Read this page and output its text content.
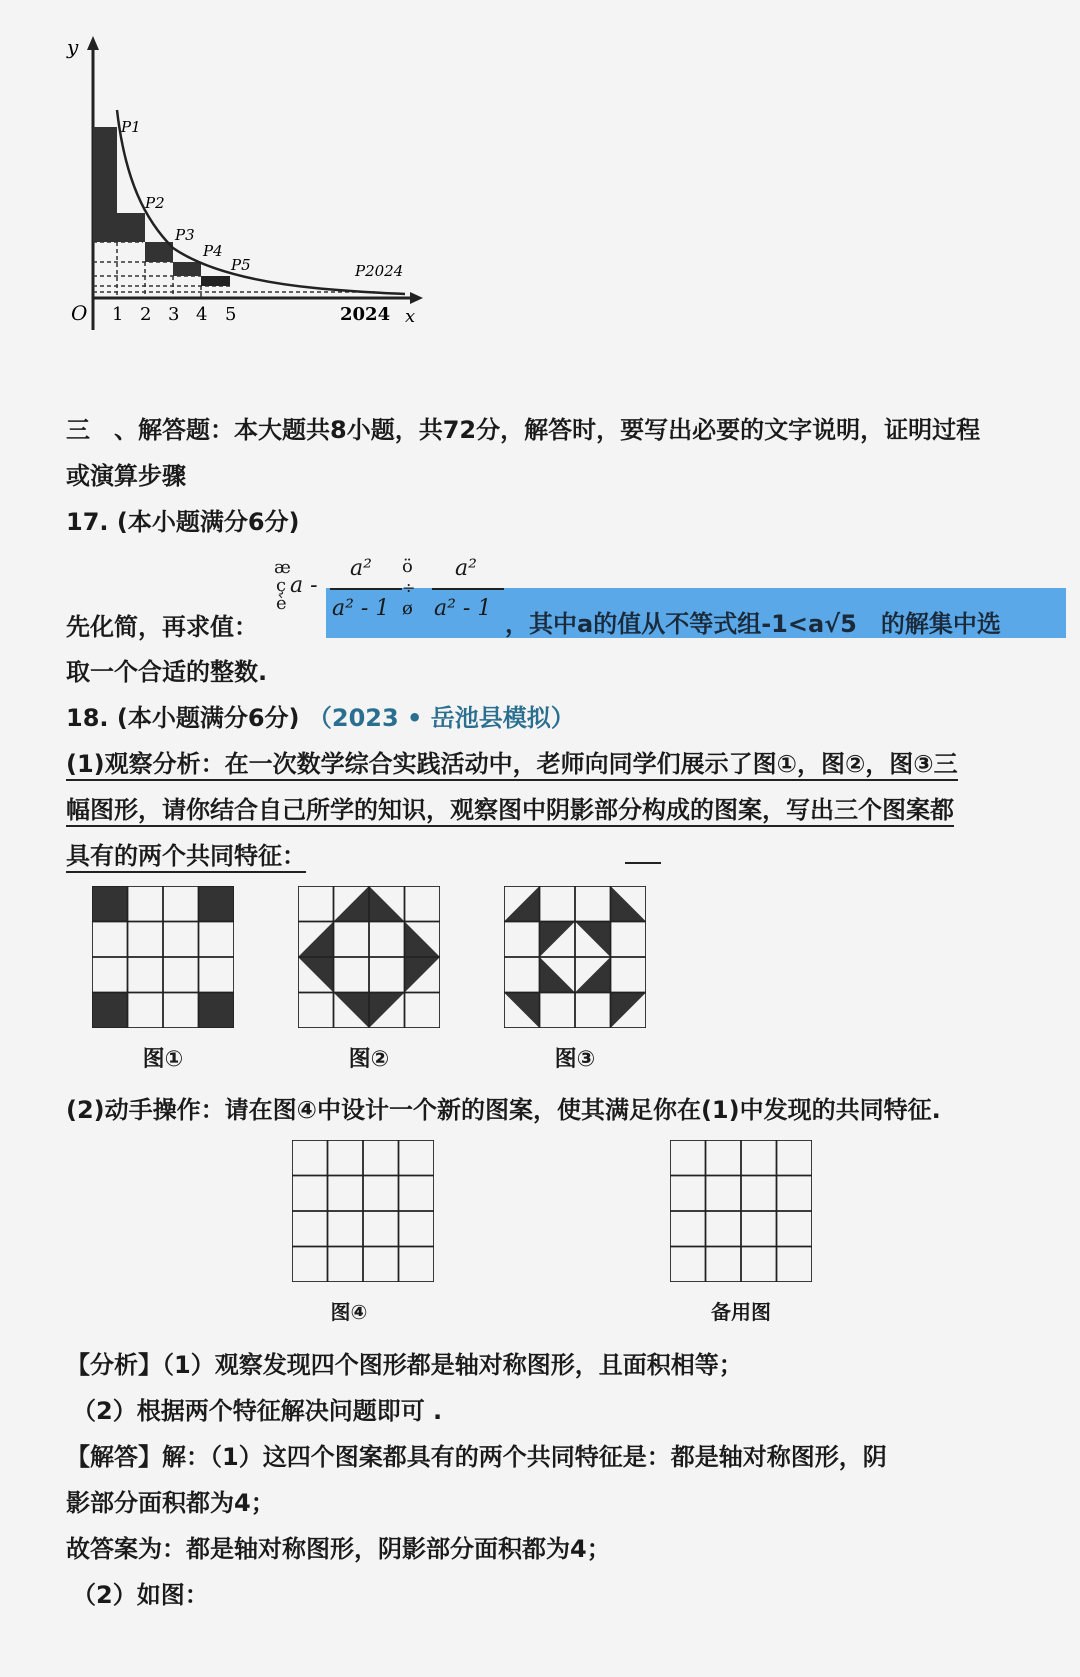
y
x
O 1 2 3 4 5	2024
P1
P2
P3
P4
P5	P2024
三　、解答题：本大题共8小题，共72分，解答时，要写出必要的文字说明，证明过程
或演算步骤
17. (本小题满分6分)
先化简，再求值：
æ
ç
è
a -
a²
a² - 1
ö
÷
ø
a²
a² - 1
，其中a的值从不等式组-1<a√5　的解集中选
取一个合适的整数.
18. (本小题满分6分) （2023 • 岳池县模拟）
(1)观察分析：在一次数学综合实践活动中，老师向同学们展示了图①，图②，图③三
幅图形，请你结合自己所学的知识，观察图中阴影部分构成的图案，写出三个图案都
具有的两个共同特征：
图①	图②	图③
(2)动手操作：请在图④中设计一个新的图案，使其满足你在(1)中发现的共同特征.
图④	备用图
【分析】（1）观察发现四个图形都是轴对称图形，且面积相等；
（2）根据两个特征解决问题即可 .
【解答】解：（1）这四个图案都具有的两个共同特征是：都是轴对称图形，阴
影部分面积都为4；
故答案为：都是轴对称图形，阴影部分面积都为4；
（2）如图：
